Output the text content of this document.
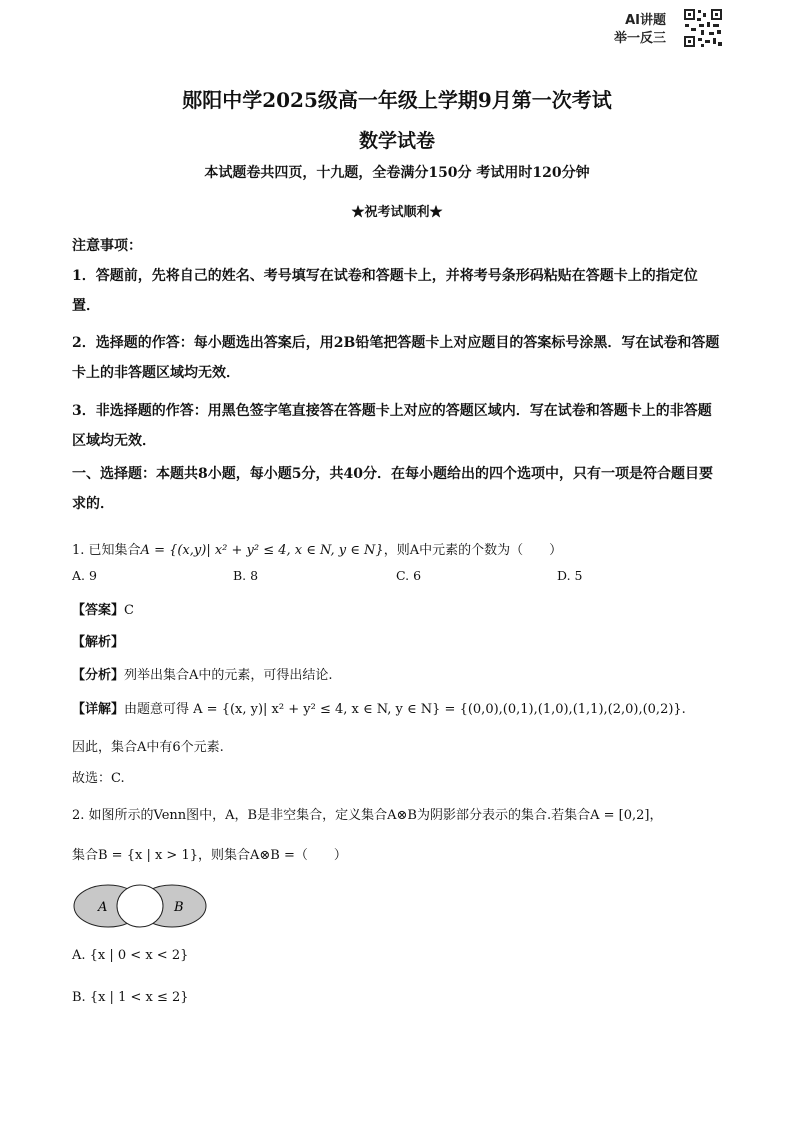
AI讲题
举一反三
郧阳中学2025级高一年级上学期9月第一次考试
数学试卷
本试题卷共四页，十九题，全卷满分150分 考试用时120分钟
★祝考试顺利★
注意事项：
1．答题前，先将自己的姓名、考号填写在试卷和答题卡上，并将考号条形码粘贴在答题卡上的指定位置．
2．选择题的作答：每小题选出答案后，用2B铅笔把答题卡上对应题目的答案标号涂黑．写在试卷和答题卡上的非答题区域均无效．
3．非选择题的作答：用黑色签字笔直接答在答题卡上对应的答题区域内．写在试卷和答题卡上的非答题区域均无效．
一、选择题：本题共8小题，每小题5分，共40分．在每小题给出的四个选项中，只有一项是符合题目要求的．
1. 已知集合A = {(x,y)| x² + y² ≤ 4, x ∈ N, y ∈ N}，则A中元素的个数为（　　）
A. 9	B. 8	C. 6	D. 5
【答案】C
【解析】
【分析】列举出集合A中的元素，可得出结论.
【详解】由题意可得 A = {(x, y)| x² + y² ≤ 4, x ∈ N, y ∈ N} = {(0,0),(0,1),(1,0),(1,1),(2,0),(0,2)}.
因此，集合A中有6个元素.
故选：C.
2. 如图所示的Venn图中，A，B是非空集合，定义集合A⊗B为阴影部分表示的集合.若集合A = [0,2]，
集合B = {x | x > 1}，则集合A⊗B =（　　）
A	B
A. {x | 0 < x < 2}
B. {x | 1 < x ≤ 2}
